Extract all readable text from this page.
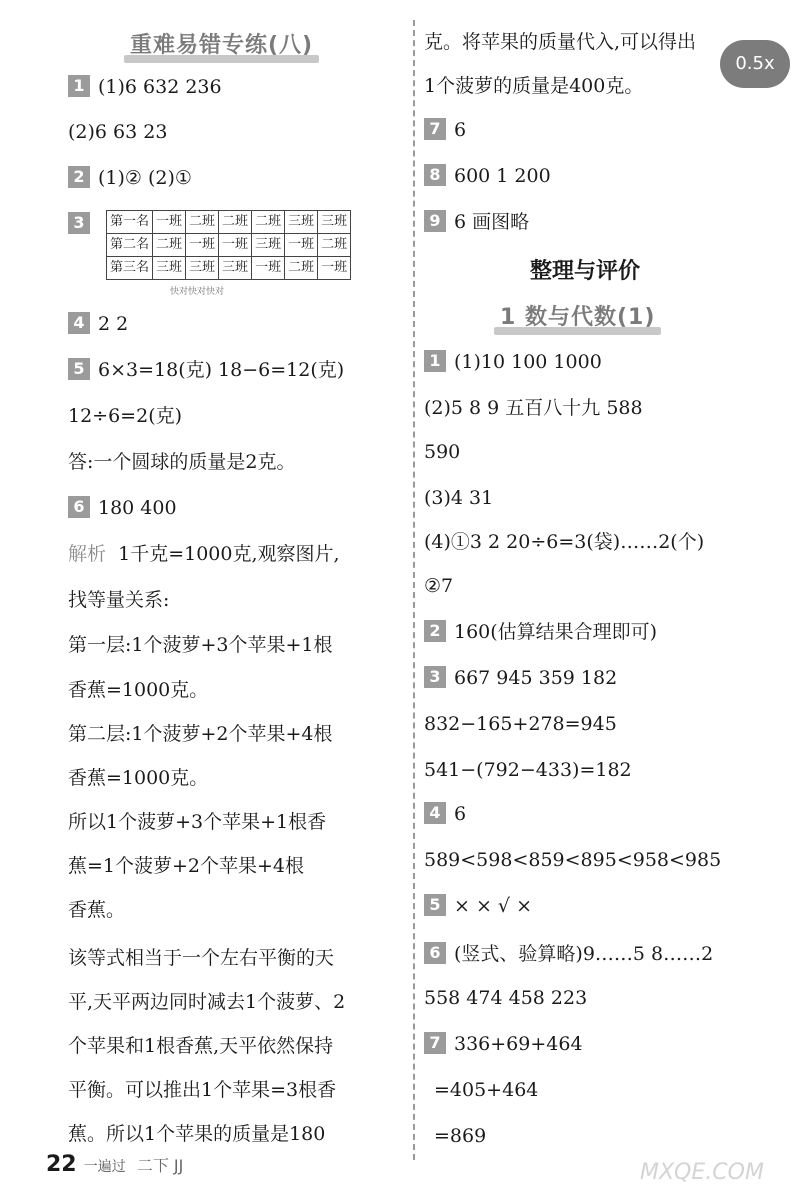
重难易错专练(八)
1 (1)6 632 236
(2)6 63 23
2 (1)② (2)①
3	第一名	一班	二班	二班	二班	三班	三班
第二名	二班	一班	一班	三班	一班	二班
第三名	三班	三班	三班	一班	二班	一班
快对快对快对
4 2 2
5 6×3=18(克) 18−6=12(克)
12÷6=2(克)
答:一个圆球的质量是2克。
6 180 400
解析 1千克=1000克,观察图片,
找等量关系:
第一层:1个菠萝+3个苹果+1根
香蕉=1000克。
第二层:1个菠萝+2个苹果+4根
香蕉=1000克。
所以1个菠萝+3个苹果+1根香
蕉=1个菠萝+2个苹果+4根
香蕉。
该等式相当于一个左右平衡的天
平,天平两边同时减去1个菠萝、2
个苹果和1根香蕉,天平依然保持
平衡。可以推出1个苹果=3根香
蕉。所以1个苹果的质量是180
克。将苹果的质量代入,可以得出
1个菠萝的质量是400克。
7 6
8 600 1 200
9 6 画图略
整理与评价
1 数与代数(1)
1 (1)10 100 1000
(2)5 8 9 五百八十九 588
590
(3)4 31
(4)①3 2 20÷6=3(袋)……2(个)
②7
2 160(估算结果合理即可)
3 667 945 359 182
832−165+278=945
541−(792−433)=182
4 6
589<598<859<895<958<985
5 × × √ ×
6 (竖式、验算略)9……5 8……2
558 474 458 223
7 336+69+464
=405+464
=869
0.5x
MXQE.COM
22 一遍过 二下 JJ
